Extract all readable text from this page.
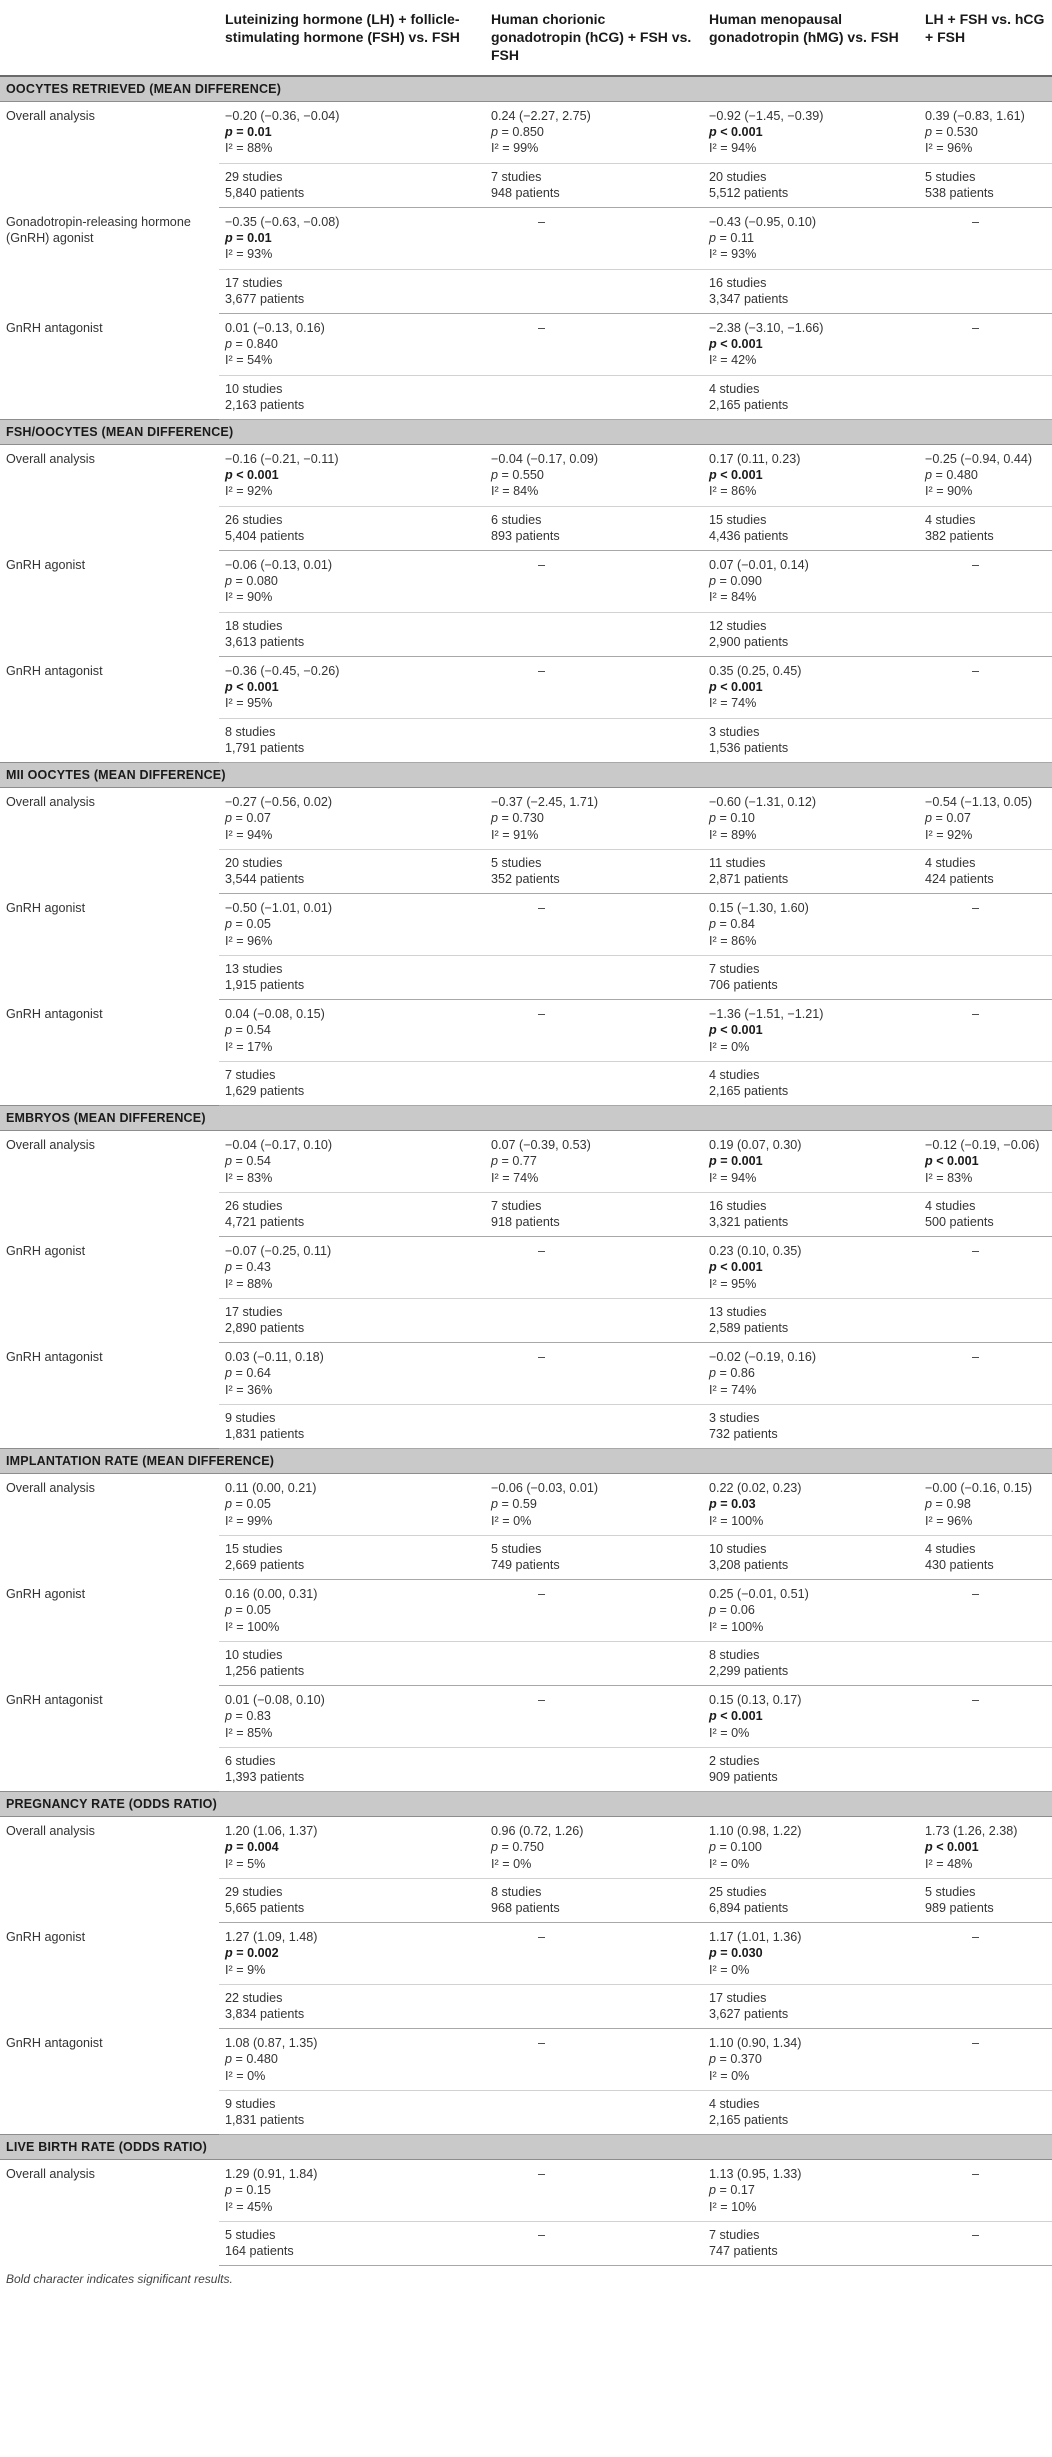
	Luteinizing hormone (LH) + follicle-stimulating hormone (FSH) vs. FSH	Human chorionic gonadotropin (hCG) + FSH vs. FSH	Human menopausal gonadotropin (hMG) vs. FSH	LH + FSH vs. hCG + FSH
OOCYTES RETRIEVED (MEAN DIFFERENCE)				
Overall analysis	−0.20 (−0.36, −0.04)
p = 0.01
I² = 88%	0.24 (−2.27, 2.75)
p = 0.850
I² = 99%	−0.92 (−1.45, −0.39)
p < 0.001
I² = 94%	0.39 (−0.83, 1.61)
p = 0.530
I² = 96%

	29 studies
5,840 patients	7 studies
948 patients	20 studies
5,512 patients	5 studies
538 patients

Gonadotropin-releasing hormone (GnRH) agonist	−0.35 (−0.63, −0.08)
p = 0.01
I² = 93%	–	−0.43 (−0.95, 0.10)
p = 0.11
I² = 93%	–

	17 studies
3,677 patients		16 studies
3,347 patients	

GnRH antagonist	0.01 (−0.13, 0.16)
p = 0.840
I² = 54%	–	−2.38 (−3.10, −1.66)
p < 0.001
I² = 42%	–

	10 studies
2,163 patients		4 studies
2,165 patients	

FSH/OOCYTES (MEAN DIFFERENCE)				
Overall analysis	−0.16 (−0.21, −0.11)
p < 0.001
I² = 92%	−0.04 (−0.17, 0.09)
p = 0.550
I² = 84%	0.17 (0.11, 0.23)
p < 0.001
I² = 86%	−0.25 (−0.94, 0.44)
p = 0.480
I² = 90%

	26 studies
5,404 patients	6 studies
893 patients	15 studies
4,436 patients	4 studies
382 patients

GnRH agonist	−0.06 (−0.13, 0.01)
p = 0.080
I² = 90%	–	0.07 (−0.01, 0.14)
p = 0.090
I² = 84%	–

	18 studies
3,613 patients		12 studies
2,900 patients	

GnRH antagonist	−0.36 (−0.45, −0.26)
p < 0.001
I² = 95%	–	0.35 (0.25, 0.45)
p < 0.001
I² = 74%	–

	8 studies
1,791 patients		3 studies
1,536 patients	

MII OOCYTES (MEAN DIFFERENCE)				
Overall analysis	−0.27 (−0.56, 0.02)
p = 0.07
I² = 94%	−0.37 (−2.45, 1.71)
p = 0.730
I² = 91%	−0.60 (−1.31, 0.12)
p = 0.10
I² = 89%	−0.54 (−1.13, 0.05)
p = 0.07
I² = 92%

	20 studies
3,544 patients	5 studies
352 patients	11 studies
2,871 patients	4 studies
424 patients

GnRH agonist	−0.50 (−1.01, 0.01)
p = 0.05
I² = 96%	–	0.15 (−1.30, 1.60)
p = 0.84
I² = 86%	–

	13 studies
1,915 patients		7 studies
706 patients	

GnRH antagonist	0.04 (−0.08, 0.15)
p = 0.54
I² = 17%	–	−1.36 (−1.51, −1.21)
p < 0.001
I² = 0%	–

	7 studies
1,629 patients		4 studies
2,165 patients	

EMBRYOS (MEAN DIFFERENCE)				
Overall analysis	−0.04 (−0.17, 0.10)
p = 0.54
I² = 83%	0.07 (−0.39, 0.53)
p = 0.77
I² = 74%	0.19 (0.07, 0.30)
p = 0.001
I² = 94%	−0.12 (−0.19, −0.06)
p < 0.001
I² = 83%

	26 studies
4,721 patients	7 studies
918 patients	16 studies
3,321 patients	4 studies
500 patients

GnRH agonist	−0.07 (−0.25, 0.11)
p = 0.43
I² = 88%	–	0.23 (0.10, 0.35)
p < 0.001
I² = 95%	–

	17 studies
2,890 patients		13 studies
2,589 patients	

GnRH antagonist	0.03 (−0.11, 0.18)
p = 0.64
I² = 36%	–	−0.02 (−0.19, 0.16)
p = 0.86
I² = 74%	–

	9 studies
1,831 patients		3 studies
732 patients	

IMPLANTATION RATE (MEAN DIFFERENCE)				
Overall analysis	0.11 (0.00, 0.21)
p = 0.05
I² = 99%	−0.06 (−0.03, 0.01)
p = 0.59
I² = 0%	0.22 (0.02, 0.23)
p = 0.03
I² = 100%	−0.00 (−0.16, 0.15)
p = 0.98
I² = 96%

	15 studies
2,669 patients	5 studies
749 patients	10 studies
3,208 patients	4 studies
430 patients

GnRH agonist	0.16 (0.00, 0.31)
p = 0.05
I² = 100%	–	0.25 (−0.01, 0.51)
p = 0.06
I² = 100%	–

	10 studies
1,256 patients		8 studies
2,299 patients	

GnRH antagonist	0.01 (−0.08, 0.10)
p = 0.83
I² = 85%	–	0.15 (0.13, 0.17)
p < 0.001
I² = 0%	–

	6 studies
1,393 patients		2 studies
909 patients	

PREGNANCY RATE (ODDS RATIO)				
Overall analysis	1.20 (1.06, 1.37)
p = 0.004
I² = 5%	0.96 (0.72, 1.26)
p = 0.750
I² = 0%	1.10 (0.98, 1.22)
p = 0.100
I² = 0%	1.73 (1.26, 2.38)
p < 0.001
I² = 48%

	29 studies
5,665 patients	8 studies
968 patients	25 studies
6,894 patients	5 studies
989 patients

GnRH agonist	1.27 (1.09, 1.48)
p = 0.002
I² = 9%	–	1.17 (1.01, 1.36)
p = 0.030
I² = 0%	–

	22 studies
3,834 patients		17 studies
3,627 patients	

GnRH antagonist	1.08 (0.87, 1.35)
p = 0.480
I² = 0%	–	1.10 (0.90, 1.34)
p = 0.370
I² = 0%	–

	9 studies
1,831 patients		4 studies
2,165 patients	

LIVE BIRTH RATE (ODDS RATIO)				
Overall analysis	1.29 (0.91, 1.84)
p = 0.15
I² = 45%	–	1.13 (0.95, 1.33)
p = 0.17
I² = 10%	–

	5 studies
164 patients	–	7 studies
747 patients	–
Bold character indicates significant results.
